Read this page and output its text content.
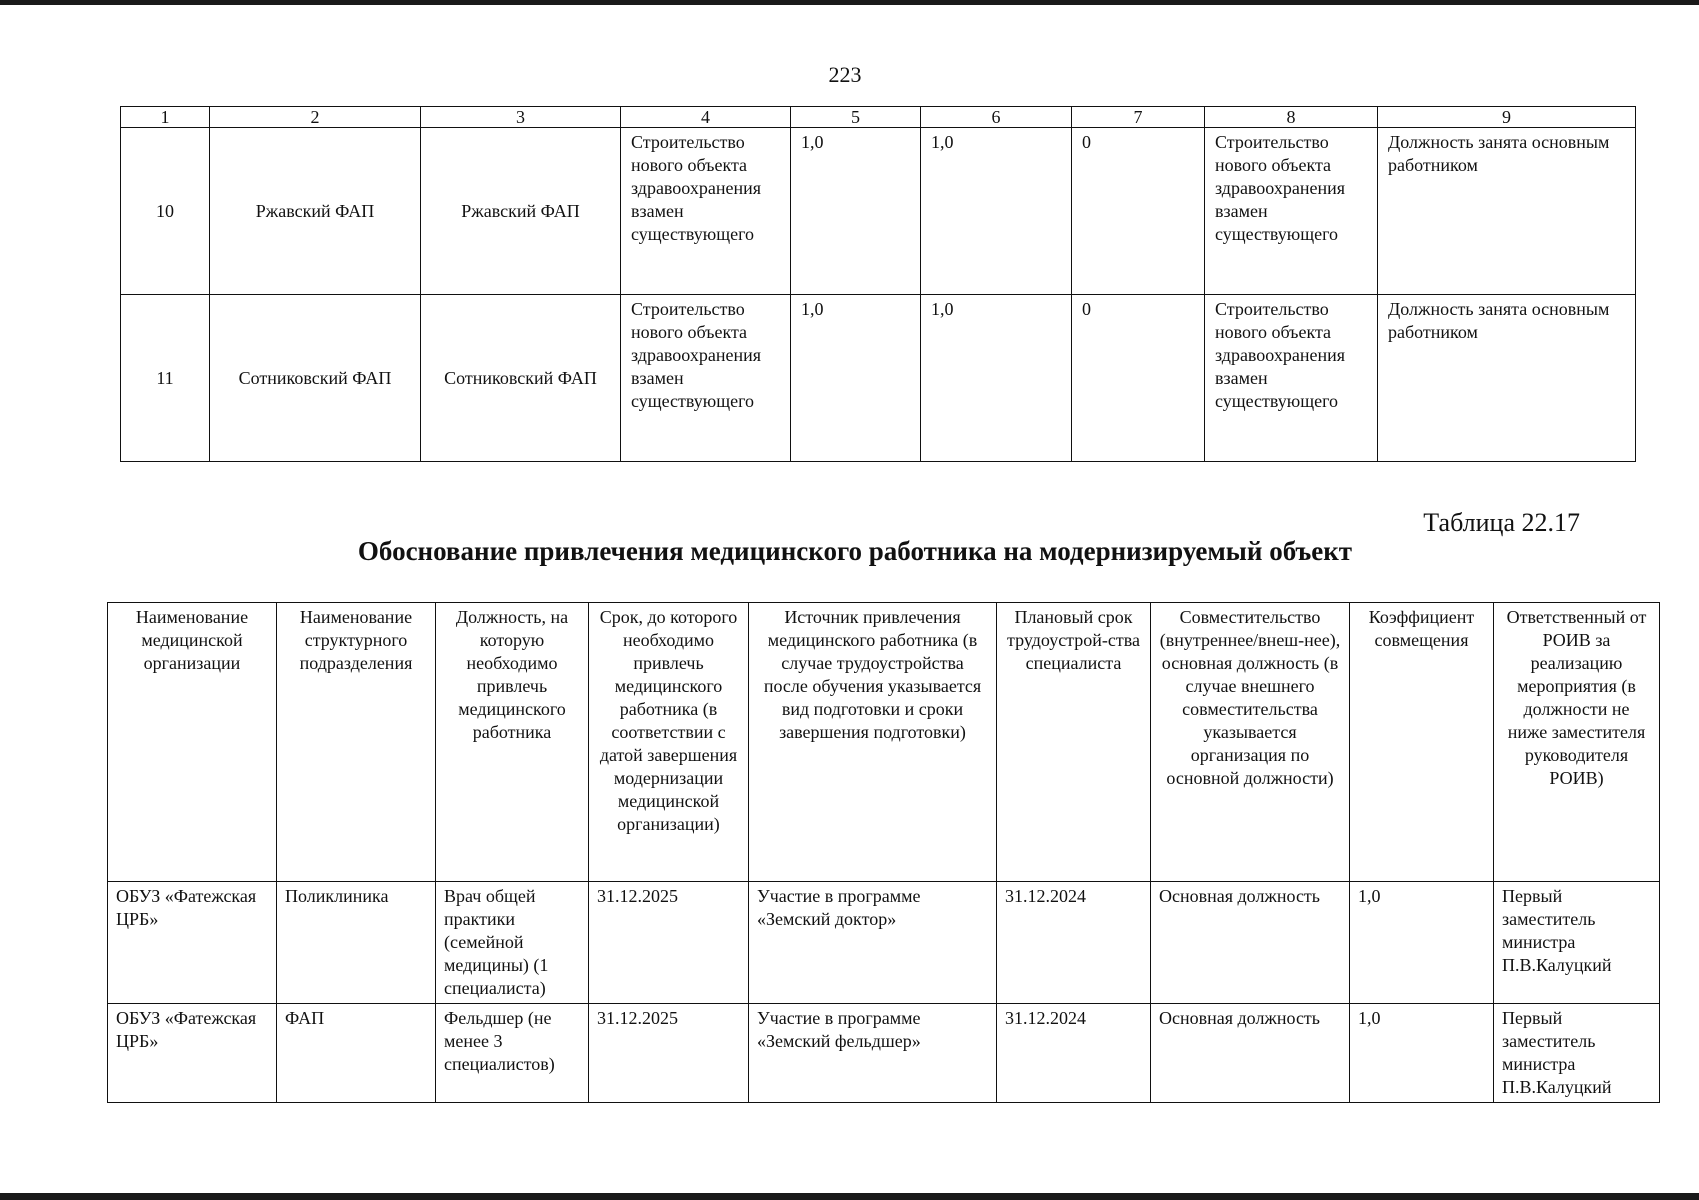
223
1	2	3	4	5	6	7	8	9
10	Ржавский ФАП	Ржавский ФАП	Строительство нового объекта здравоохранения взамен существующего	1,0	1,0	0	Строительство нового объекта здравоохранения взамен существующего	Должность занята основным работником
11	Сотниковский ФАП	Сотниковский ФАП	Строительство нового объекта здравоохранения взамен существующего	1,0	1,0	0	Строительство нового объекта здравоохранения взамен существующего	Должность занята основным работником
Таблица 22.17
Обоснование привлечения медицинского работника на модернизируемый объект
Наименование медицинской организации	Наименование структурного подразделения	Должность, на которую необходимо привлечь медицинского работника	Срок, до которого необходимо привлечь медицинского работника (в соответствии с датой завершения модернизации медицинской организации)	Источник привлечения медицинского работника (в случае трудоустройства после обучения указывается вид подготовки и сроки завершения подготовки)	Плановый срок трудоустрой-ства специалиста	Совместительство (внутреннее/внеш-нее), основная должность (в случае внешнего совместительства указывается организация по основной должности)	Коэффициент совмещения	Ответственный от РОИВ за реализацию мероприятия (в должности не ниже заместителя руководителя РОИВ)
ОБУЗ «Фатежская ЦРБ»	Поликлиника	Врач общей практики (семейной медицины) (1 специалиста)	31.12.2025	Участие в программе «Земский доктор»	31.12.2024	Основная должность	1,0	Первый заместитель министра П.В.Калуцкий
ОБУЗ «Фатежская ЦРБ»	ФАП	Фельдшер (не менее 3 специалистов)	31.12.2025	Участие в программе «Земский фельдшер»	31.12.2024	Основная должность	1,0	Первый заместитель министра П.В.Калуцкий
